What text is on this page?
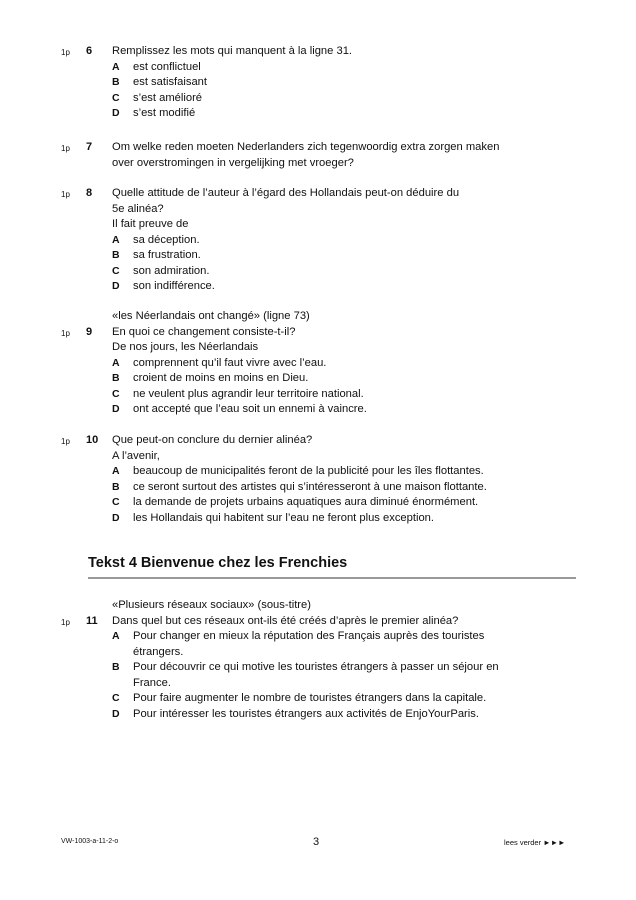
1p 6 Remplissez les mots qui manquent à la ligne 31.
A est conflictuel
B est satisfaisant
C s’est amélioré
D s’est modifié
1p 7 Om welke reden moeten Nederlanders zich tegenwoordig extra zorgen maken
over overstromingen in vergelijking met vroeger?
1p 8 Quelle attitude de l’auteur à l’égard des Hollandais peut-on déduire du
5e alinéa?
Il fait preuve de
A sa déception.
B sa frustration.
C son admiration.
D son indifférence.
«les Néerlandais ont changé» (ligne 73)
1p 9 En quoi ce changement consiste-t-il?
De nos jours, les Néerlandais
A comprennent qu’il faut vivre avec l’eau.
B croient de moins en moins en Dieu.
C ne veulent plus agrandir leur territoire national.
D ont accepté que l’eau soit un ennemi à vaincre.
1p 10 Que peut-on conclure du dernier alinéa?
A l’avenir,
A beaucoup de municipalités feront de la publicité pour les îles flottantes.
B ce seront surtout des artistes qui s’intéresseront à une maison flottante.
C la demande de projets urbains aquatiques aura diminué énormément.
D les Hollandais qui habitent sur l’eau ne feront plus exception.
Tekst 4 Bienvenue chez les Frenchies
«Plusieurs réseaux sociaux» (sous-titre)
1p 11 Dans quel but ces réseaux ont-ils été créés d’après le premier alinéa?
A Pour changer en mieux la réputation des Français auprès des touristes
étrangers.
B Pour découvrir ce qui motive les touristes étrangers à passer un séjour en
France.
C Pour faire augmenter le nombre de touristes étrangers dans la capitale.
D Pour intéresser les touristes étrangers aux activités de EnjoYourParis.
VW-1003-a-11-2-o	3	lees verder ►►►
